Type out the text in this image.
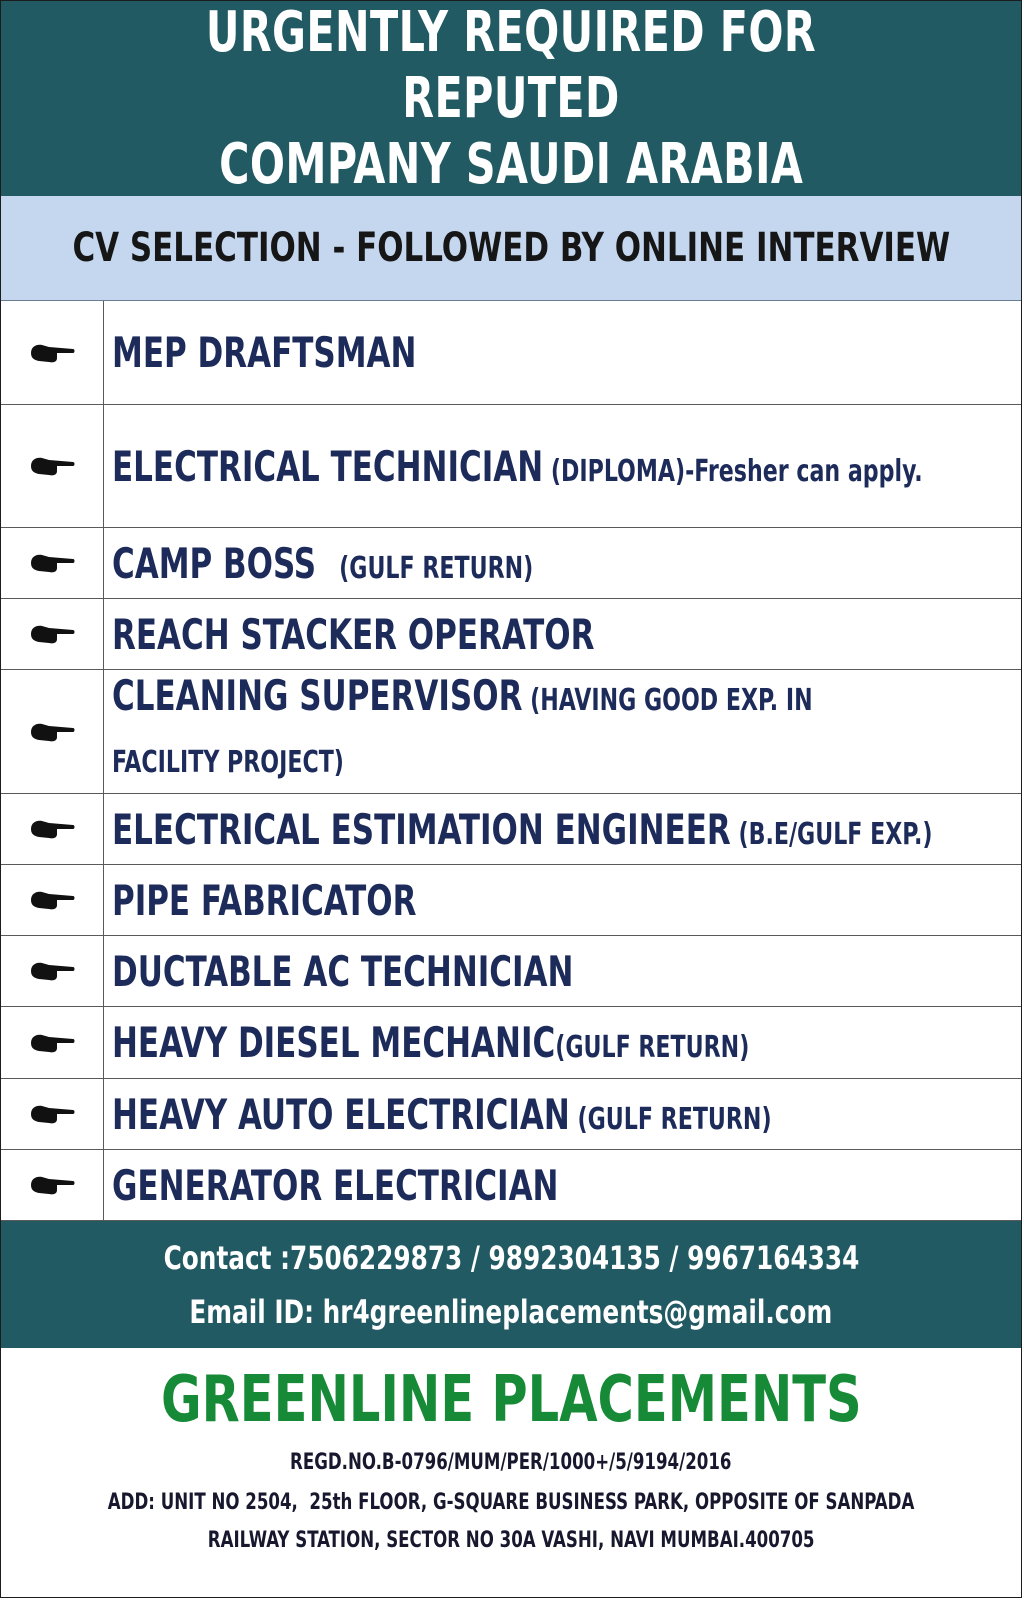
URGENTLY REQUIRED FOR REPUTED
COMPANY SAUDI ARABIA
CV SELECTION - FOLLOWED BY ONLINE INTERVIEW
MEP DRAFTSMAN
ELECTRICAL TECHNICIAN (DIPLOMA)-Fresher can apply.
CAMP BOSS   (GULF RETURN)
REACH STACKER OPERATOR
CLEANING SUPERVISOR (HAVING GOOD EXP. IN FACILITY PROJECT)
ELECTRICAL ESTIMATION ENGINEER (B.E/GULF EXP.)
PIPE FABRICATOR
DUCTABLE AC TECHNICIAN
HEAVY DIESEL MECHANIC(GULF RETURN)
HEAVY AUTO ELECTRICIAN (GULF RETURN)
GENERATOR ELECTRICIAN
Contact :7506229873 / 9892304135 / 9967164334
Email ID: hr4greenlineplacements@gmail.com
GREENLINE PLACEMENTS
REGD.NO.B-0796/MUM/PER/1000+/5/9194/2016
ADD: UNIT NO 2504,  25th FLOOR, G-SQUARE BUSINESS PARK, OPPOSITE OF SANPADA
RAILWAY STATION, SECTOR NO 30A VASHI, NAVI MUMBAI.400705
